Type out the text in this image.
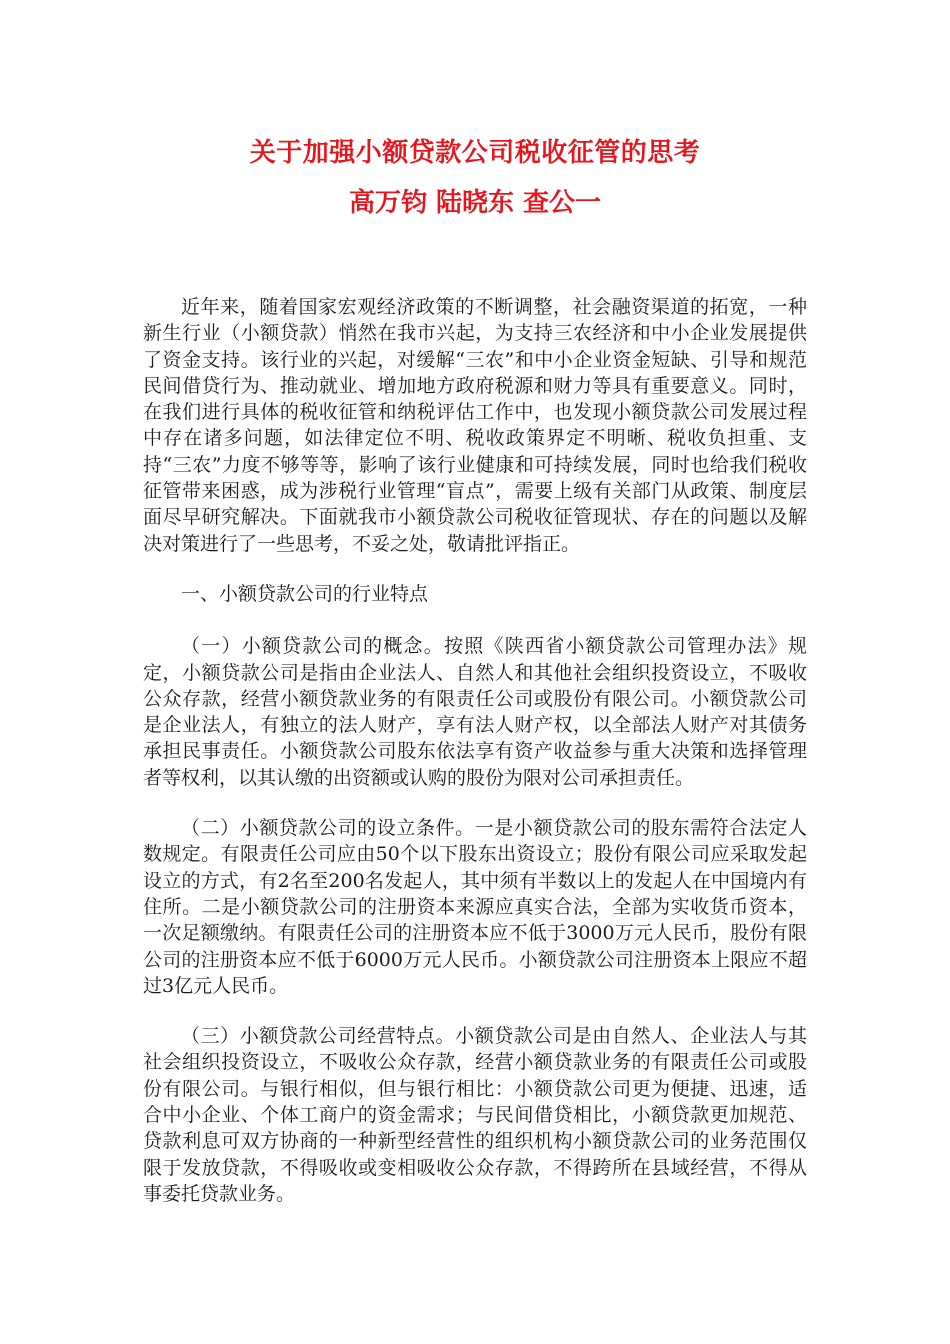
关于加强小额贷款公司税收征管的思考
高万钧 陆晓东 查公一

近年来，随着国家宏观经济政策的不断调整，社会融资渠道的拓宽，一种新生行业（小额贷款）悄然在我市兴起，为支持三农经济和中小企业发展提供了资金支持。该行业的兴起，对缓解“三农”和中小企业资金短缺、引导和规范民间借贷行为、推动就业、增加地方政府税源和财力等具有重要意义。同时，在我们进行具体的税收征管和纳税评估工作中，也发现小额贷款公司发展过程中存在诸多问题，如法律定位不明、税收政策界定不明晰、税收负担重、支持“三农”力度不够等等，影响了该行业健康和可持续发展，同时也给我们税收征管带来困惑，成为涉税行业管理“盲点”，需要上级有关部门从政策、制度层面尽早研究解决。下面就我市小额贷款公司税收征管现状、存在的问题以及解决对策进行了一些思考，不妥之处，敬请批评指正。

一、小额贷款公司的行业特点

（一）小额贷款公司的概念。按照《陕西省小额贷款公司管理办法》规定，小额贷款公司是指由企业法人、自然人和其他社会组织投资设立，不吸收公众存款，经营小额贷款业务的有限责任公司或股份有限公司。小额贷款公司是企业法人，有独立的法人财产，享有法人财产权，以全部法人财产对其债务承担民事责任。小额贷款公司股东依法享有资产收益参与重大决策和选择管理者等权利，以其认缴的出资额或认购的股份为限对公司承担责任。

（二）小额贷款公司的设立条件。一是小额贷款公司的股东需符合法定人数规定。有限责任公司应由50个以下股东出资设立；股份有限公司应采取发起设立的方式，有2名至200名发起人，其中须有半数以上的发起人在中国境内有住所。二是小额贷款公司的注册资本来源应真实合法，全部为实收货币资本，一次足额缴纳。有限责任公司的注册资本应不低于3000万元人民币，股份有限公司的注册资本应不低于6000万元人民币。小额贷款公司注册资本上限应不超过3亿元人民币。

（三）小额贷款公司经营特点。小额贷款公司是由自然人、企业法人与其社会组织投资设立，不吸收公众存款，经营小额贷款业务的有限责任公司或股份有限公司。与银行相似，但与银行相比：小额贷款公司更为便捷、迅速，适合中小企业、个体工商户的资金需求；与民间借贷相比，小额贷款更加规范、贷款利息可双方协商的一种新型经营性的组织机构小额贷款公司的业务范围仅限于发放贷款，不得吸收或变相吸收公众存款，不得跨所在县域经营，不得从事委托贷款业务。
